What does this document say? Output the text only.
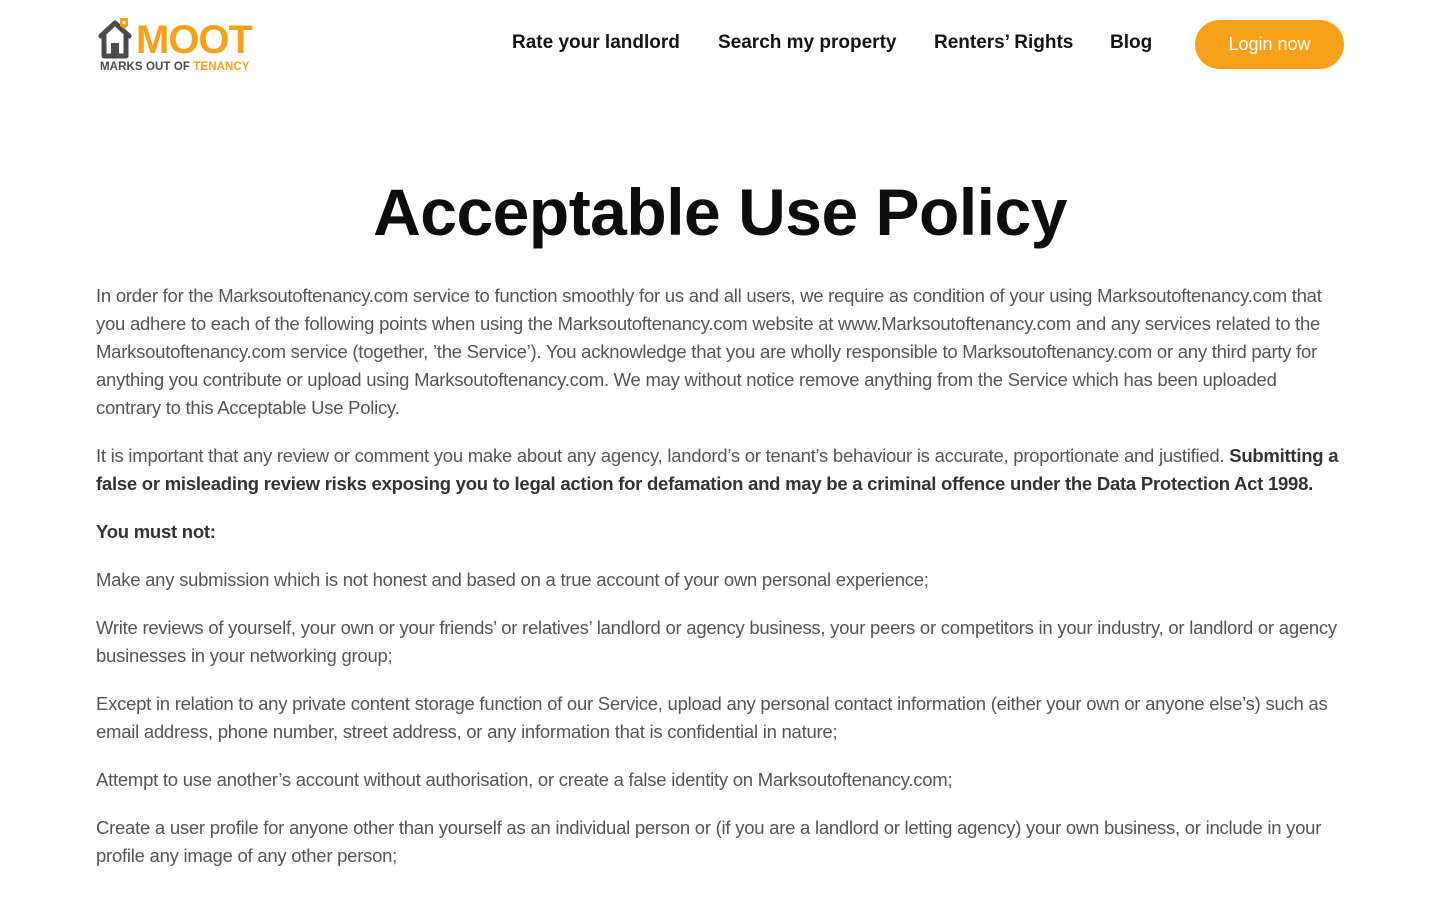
MOOT
MARKS OUT OF TENANCY
Rate your landlord Search my property Renters’ Rights Blog	Login now
Acceptable Use Policy

In order for the Marksoutoftenancy.com service to function smoothly for us and all users, we require as condition of your using Marksoutoftenancy.com that you adhere to each of the following points when using the Marksoutoftenancy.com website at www.Marksoutoftenancy.com and any services related to the Marksoutoftenancy.com service (together, ’the Service’). You acknowledge that you are wholly responsible to Marksoutoftenancy.com or any third party for anything you contribute or upload using Marksoutoftenancy.com. We may without notice remove anything from the Service which has been uploaded contrary to this Acceptable Use Policy.

It is important that any review or comment you make about any agency, landord’s or tenant’s behaviour is accurate, proportionate and justified. Submitting a false or misleading review risks exposing you to legal action for defamation and may be a criminal offence under the Data Protection Act 1998.

You must not:

Make any submission which is not honest and based on a true account of your own personal experience;

Write reviews of yourself, your own or your friends’ or relatives’ landlord or agency business, your peers or competitors in your industry, or landlord or agency businesses in your networking group;

Except in relation to any private content storage function of our Service, upload any personal contact information (either your own or anyone else’s) such as email address, phone number, street address, or any information that is confidential in nature;

Attempt to use another’s account without authorisation, or create a false identity on Marksoutoftenancy.com;

Create a user profile for anyone other than yourself as an individual person or (if you are a landlord or letting agency) your own business, or include in your profile any image of any other person;
